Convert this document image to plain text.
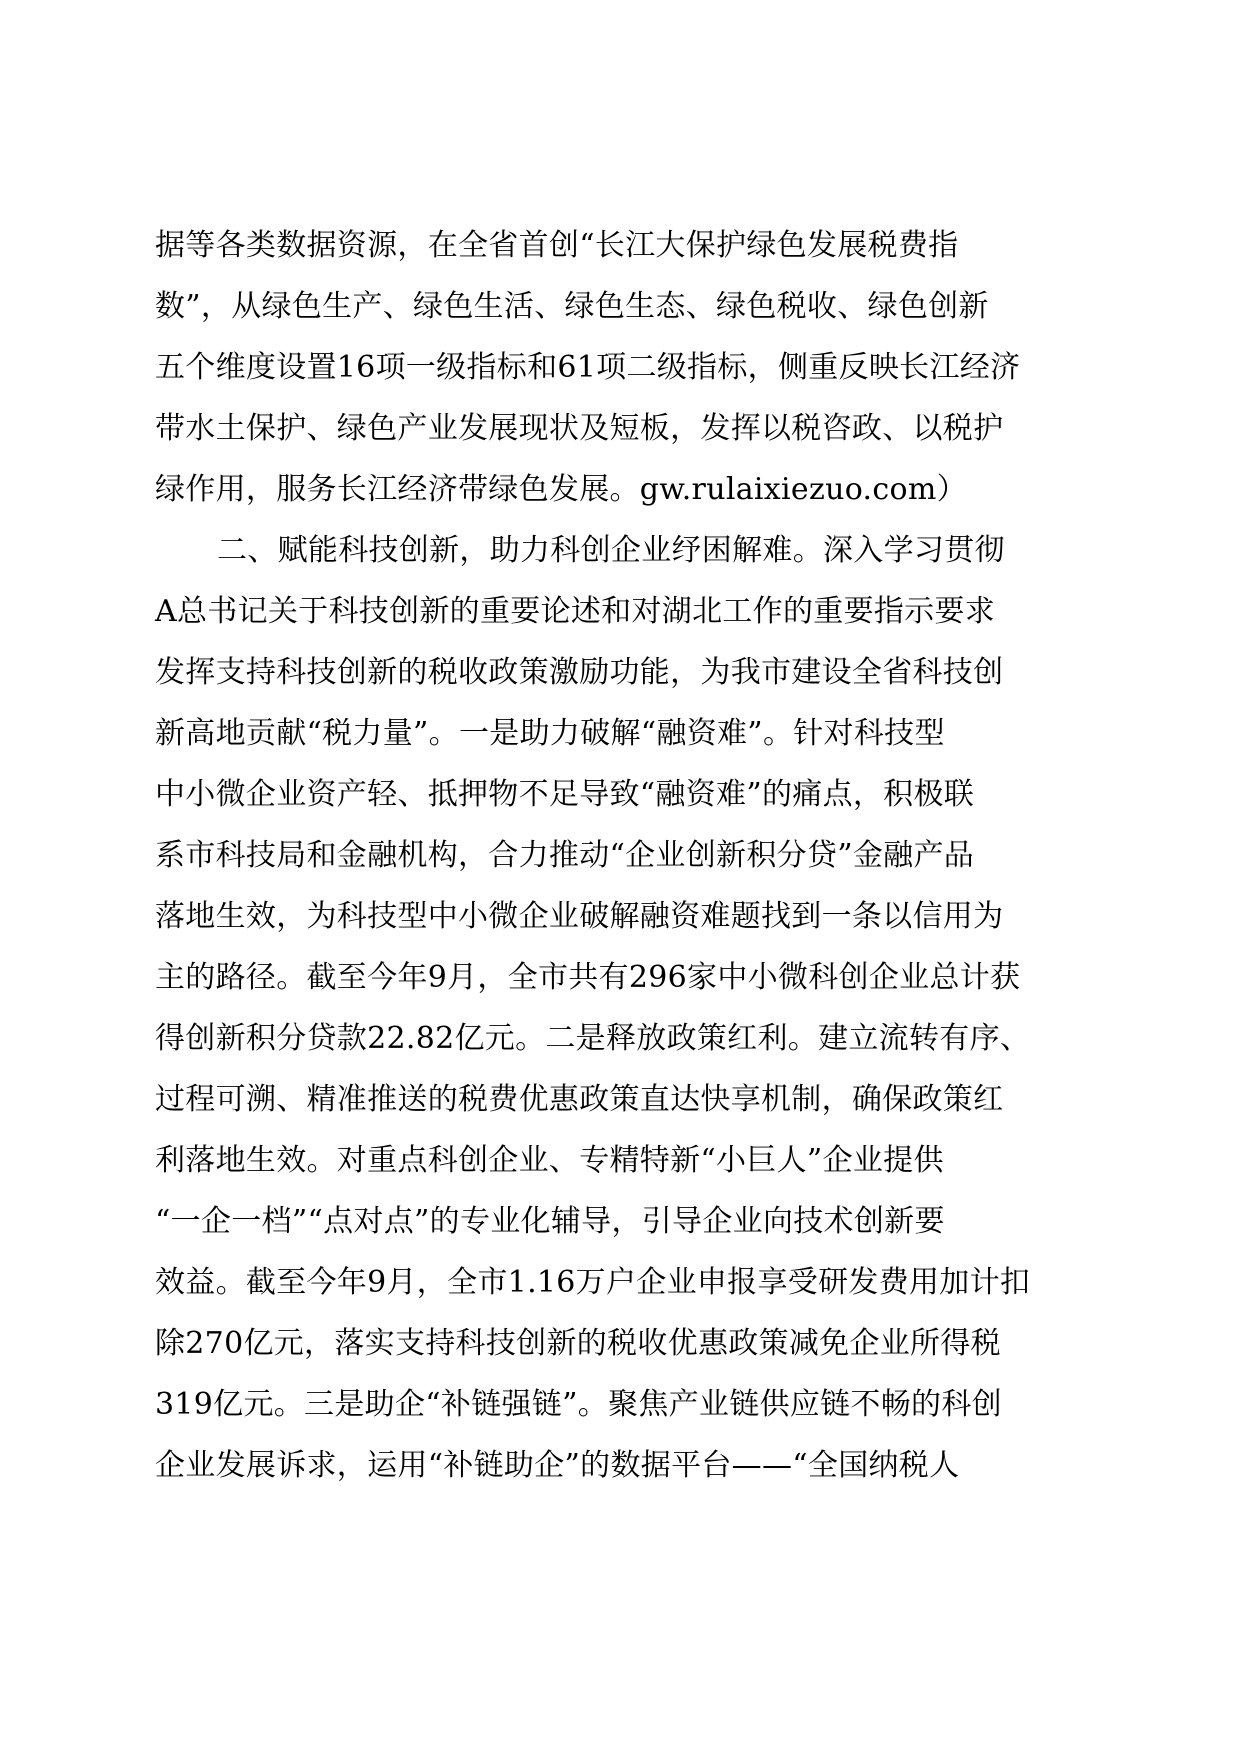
据等各类数据资源，在全省首创“长江大保护绿色发展税费指
数”，从绿色生产、绿色生活、绿色生态、绿色税收、绿色创新
五个维度设置16项一级指标和61项二级指标，侧重反映长江经济
带水土保护、绿色产业发展现状及短板，发挥以税咨政、以税护
绿作用，服务长江经济带绿色发展。gw.rulaixiezuo.com）
二、赋能科技创新，助力科创企业纾困解难。深入学习贯彻
A总书记关于科技创新的重要论述和对湖北工作的重要指示要求
发挥支持科技创新的税收政策激励功能，为我市建设全省科技创
新高地贡献“税力量”。一是助力破解“融资难”。针对科技型
中小微企业资产轻、抵押物不足导致“融资难”的痛点，积极联
系市科技局和金融机构，合力推动“企业创新积分贷”金融产品
落地生效，为科技型中小微企业破解融资难题找到一条以信用为
主的路径。截至今年9月，全市共有296家中小微科创企业总计获
得创新积分贷款22.82亿元。二是释放政策红利。建立流转有序、
过程可溯、精准推送的税费优惠政策直达快享机制，确保政策红
利落地生效。对重点科创企业、专精特新“小巨人”企业提供
“一企一档”“点对点”的专业化辅导，引导企业向技术创新要
效益。截至今年9月，全市1.16万户企业申报享受研发费用加计扣
除270亿元，落实支持科技创新的税收优惠政策减免企业所得税
319亿元。三是助企“补链强链”。聚焦产业链供应链不畅的科创
企业发展诉求，运用“补链助企”的数据平台——“全国纳税人
